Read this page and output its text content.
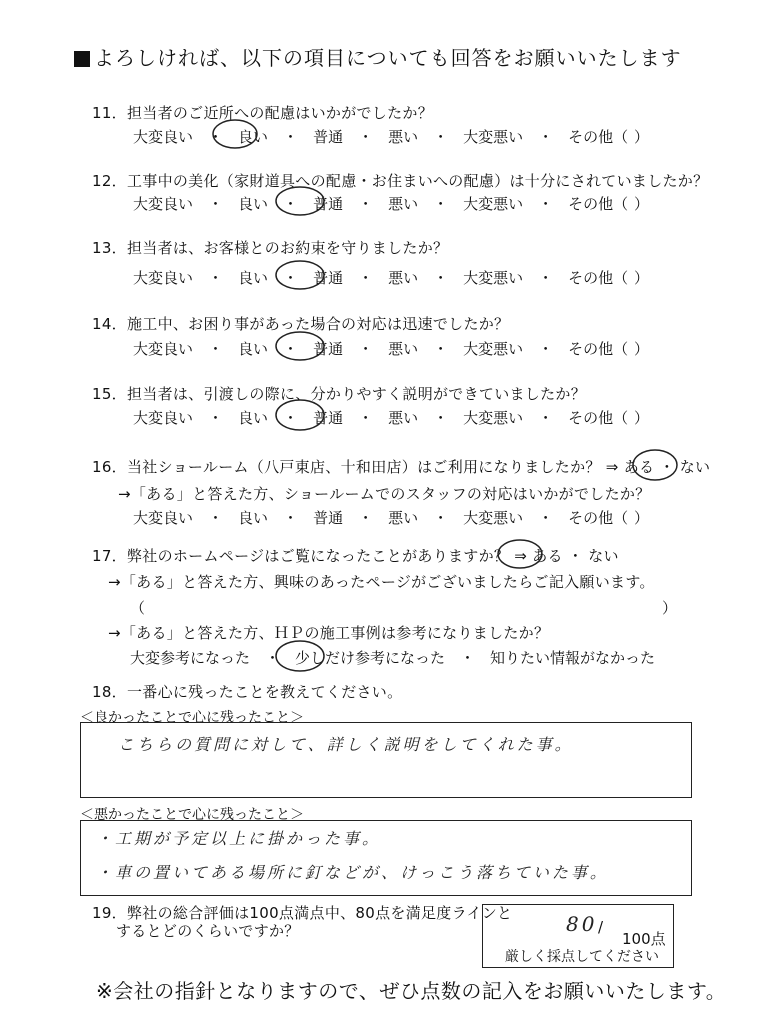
よろしければ、以下の項目についても回答をお願いいたします
11．担当者のご近所への配慮はいかがでしたか？
大変良い　・　良い　・　普通　・　悪い　・　大変悪い　・　その他（ ）
12．工事中の美化（家財道具への配慮・お住まいへの配慮）は十分にされていましたか？
大変良い　・　良い　・　普通　・　悪い　・　大変悪い　・　その他（ ）
13．担当者は、お客様とのお約束を守りましたか？
大変良い　・　良い　・　普通　・　悪い　・　大変悪い　・　その他（ ）
14．施工中、お困り事があった場合の対応は迅速でしたか？
大変良い　・　良い　・　普通　・　悪い　・　大変悪い　・　その他（ ）
15．担当者は、引渡しの際に、分かりやすく説明ができていましたか？
大変良い　・　良い　・　普通　・　悪い　・　大変悪い　・　その他（ ）
16．当社ショールーム（八戸東店、十和田店）はご利用になりましたか？ ⇒ ある ・ ない
→「ある」と答えた方、ショールームでのスタッフの対応はいかがでしたか？
大変良い　・　良い　・　普通　・　悪い　・　大変悪い　・　その他（ ）
17．弊社のホームページはご覧になったことがありますか？ ⇒ ある ・ ない
→「ある」と答えた方、興味のあったページがございましたらご記入願います。
（	）
→「ある」と答えた方、ＨＰの施工事例は参考になりましたか？
大変参考になった　・　少しだけ参考になった　・　知りたい情報がなかった
18．一番心に残ったことを教えてください。
＜良かったことで心に残ったこと＞
こちらの質問に対して、詳しく説明をしてくれた事。
＜悪かったことで心に残ったこと＞
・工期が予定以上に掛かった事。
・車の置いてある場所に釘などが、けっこう落ちていた事。
19．弊社の総合評価は100点満点中、80点を満足度ラインと
するとどのくらいですか？	80 /
100点
厳しく採点してください
※会社の指針となりますので、ぜひ点数の記入をお願いいたします。
